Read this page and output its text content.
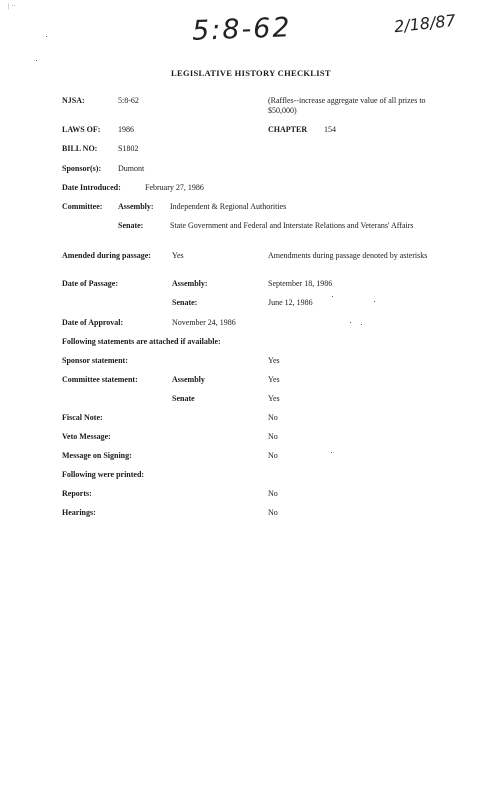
| ··
5:8-62	2/18/87
LEGISLATIVE HISTORY CHECKLIST
NJSA:	5:8-62	(Raffles--increase aggregate value of all prizes to $50,000)
LAWS OF: 1986	CHAPTER 154
BILL NO:	S1802
Sponsor(s): Dumont
Date Introduced:	February 27, 1986
Committee: Assembly: Independent & Regional Authorities
Senate:	State Government and Federal and Interstate Relations and Veterans' Affairs
Amended during passage:	Yes	Amendments during passage denoted by asterisks
Date of Passage:	Assembly:	September 18, 1986
Senate:	June 12, 1986
Date of Approval:	November 24, 1986
Following statements are attached if available:
Sponsor statement:	Yes
Committee statement:	Assembly	Yes
Senate	Yes
Fiscal Note:	No
Veto Message:	No
Message on Signing:	No
Following were printed:
Reports:	No
Hearings:	No
